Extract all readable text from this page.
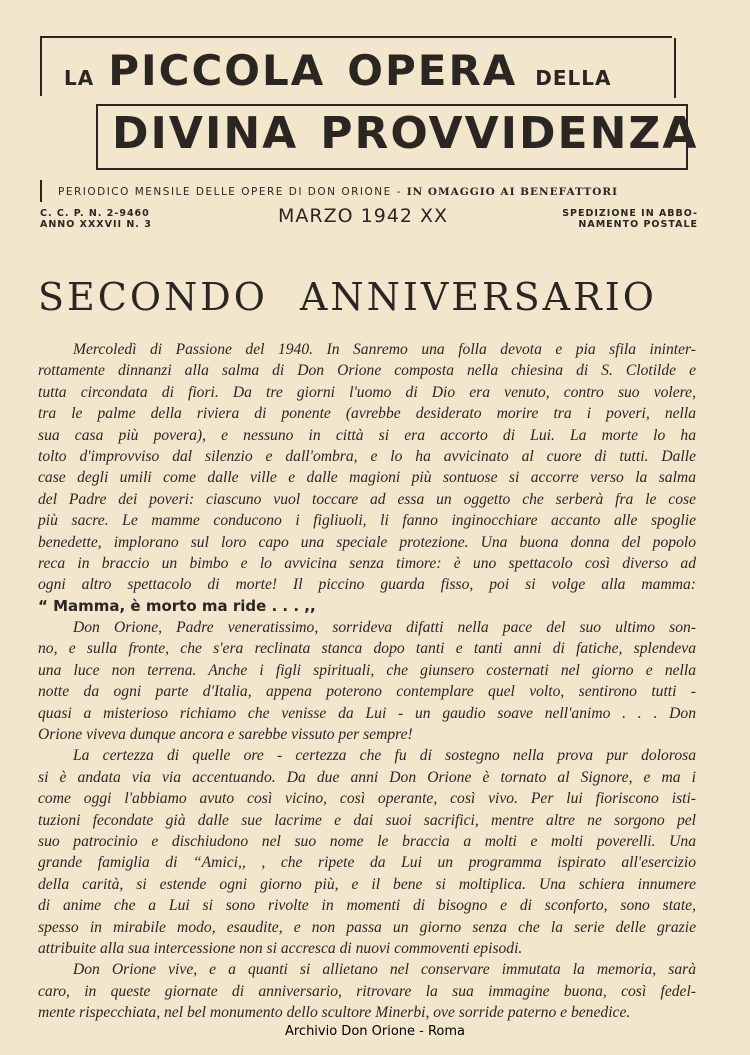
LA PICCOLA OPERA DELLA
DIVINA PROVVIDENZA
PERIODICO MENSILE DELLE OPERE DI DON ORIONE - IN OMAGGIO AI BENEFATTORI
C. C. P. N. 2-9460
ANNO XXXVII N. 3	MARZO 1942 XX	SPEDIZIONE IN ABBO-
NAMENTO POSTALE
SECONDO ANNIVERSARIO
Mercoledì di Passione del 1940. In Sanremo una folla devota e pia sfila ininter-
rottamente dinnanzi alla salma di Don Orione composta nella chiesina di S. Clotilde e
tutta circondata di fiori. Da tre giorni l'uomo di Dio era venuto, contro suo volere,
tra le palme della riviera di ponente (avrebbe desiderato morire tra i poveri, nella
sua casa più povera), e nessuno in città si era accorto di Lui. La morte lo ha
tolto d'improvviso dal silenzio e dall'ombra, e lo ha avvicinato al cuore di tutti. Dalle
case degli umili come dalle ville e dalle magioni più sontuose si accorre verso la salma
del Padre dei poveri: ciascuno vuol toccare ad essa un oggetto che serberà fra le cose
più sacre. Le mamme conducono i figliuoli, li fanno inginocchiare accanto alle spoglie
benedette, implorano sul loro capo una speciale protezione. Una buona donna del popolo
reca in braccio un bimbo e lo avvicina senza timore: è uno spettacolo così diverso ad
ogni altro spettacolo di morte! Il piccino guarda fisso, poi si volge alla mamma:
“ Mamma, è morto ma ride . . . ,,
Don Orione, Padre veneratissimo, sorrideva difatti nella pace del suo ultimo son-
no, e sulla fronte, che s'era reclinata stanca dopo tanti e tanti anni di fatiche, splendeva
una luce non terrena. Anche i figli spirituali, che giunsero costernati nel giorno e nella
notte da ogni parte d'Italia, appena poterono contemplare quel volto, sentirono tutti -
quasi a misterioso richiamo che venisse da Lui - un gaudio soave nell'animo . . . Don
Orione viveva dunque ancora e sarebbe vissuto per sempre!
La certezza di quelle ore - certezza che fu di sostegno nella prova pur dolorosa
si è andata via via accentuando. Da due anni Don Orione è tornato al Signore, e ma i
come oggi l'abbiamo avuto così vicino, così operante, così vivo. Per lui fioriscono isti-
tuzioni fecondate già dalle sue lacrime e dai suoi sacrifici, mentre altre ne sorgono pel
suo patrocinio e dischiudono nel suo nome le braccia a molti e molti poverelli. Una
grande famiglia di “Amici,, , che ripete da Lui un programma ispirato all'esercizio
della carità, si estende ogni giorno più, e il bene si moltiplica. Una schiera innumere
di anime che a Lui si sono rivolte in momenti di bisogno e di sconforto, sono state,
spesso in mirabile modo, esaudite, e non passa un giorno senza che la serie delle grazie
attribuite alla sua intercessione non si accresca di nuovi commoventi episodi.
Don Orione vive, e a quanti si allietano nel conservare immutata la memoria, sarà
caro, in queste giornate di anniversario, ritrovare la sua immagine buona, così fedel-
mente rispecchiata, nel bel monumento dello scultore Minerbi, ove sorride paterno e benedice.
Archivio Don Orione - Roma
